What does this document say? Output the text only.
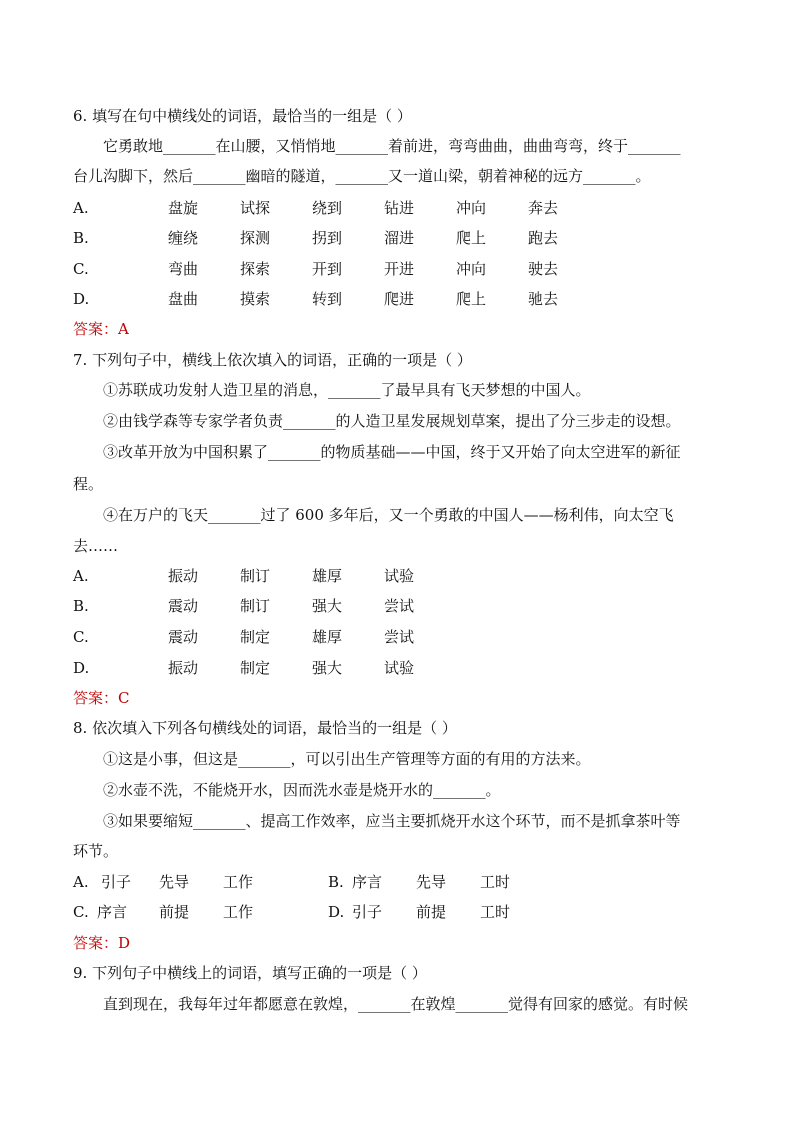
6. 填写在句中横线处的词语，最恰当的一组是（ ）
它勇敢地_______在山腰，又悄悄地_______着前进，弯弯曲曲，曲曲弯弯，终于_______
台儿沟脚下，然后_______幽暗的隧道，_______又一道山梁，朝着神秘的远方_______。
A.	盘旋	试探	绕到	钻进	冲向	奔去
B.	缠绕	探测	拐到	溜进	爬上	跑去
C.	弯曲	探索	开到	开进	冲向	驶去
D.	盘曲	摸索	转到	爬进	爬上	驰去
答案：A
7. 下列句子中，横线上依次填入的词语，正确的一项是（ ）
①苏联成功发射人造卫星的消息，_______了最早具有飞天梦想的中国人。
②由钱学森等专家学者负责_______的人造卫星发展规划草案，提出了分三步走的设想。
③改革开放为中国积累了_______的物质基础——中国，终于又开始了向太空进军的新征
程。
④在万户的飞天_______过了 600 多年后，又一个勇敢的中国人——杨利伟，向太空飞
去……
A.	振动	制订	雄厚	试验
B.	震动	制订	强大	尝试
C.	震动	制定	雄厚	尝试
D.	振动	制定	强大	试验
答案：C
8. 依次填入下列各句横线处的词语，最恰当的一组是（ ）
①这是小事，但这是_______，可以引出生产管理等方面的有用的方法来。
②水壶不洗，不能烧开水，因而洗水壶是烧开水的_______。
③如果要缩短_______、提高工作效率，应当主要抓烧开水这个环节，而不是抓拿茶叶等
环节。
A. 引子 先导 工作	B. 序言 先导 工时
C. 序言 前提 工作	D. 引子 前提 工时
答案：D
9. 下列句子中横线上的词语，填写正确的一项是（ ）
直到现在，我每年过年都愿意在敦煌，_______在敦煌_______觉得有回家的感觉。有时候
